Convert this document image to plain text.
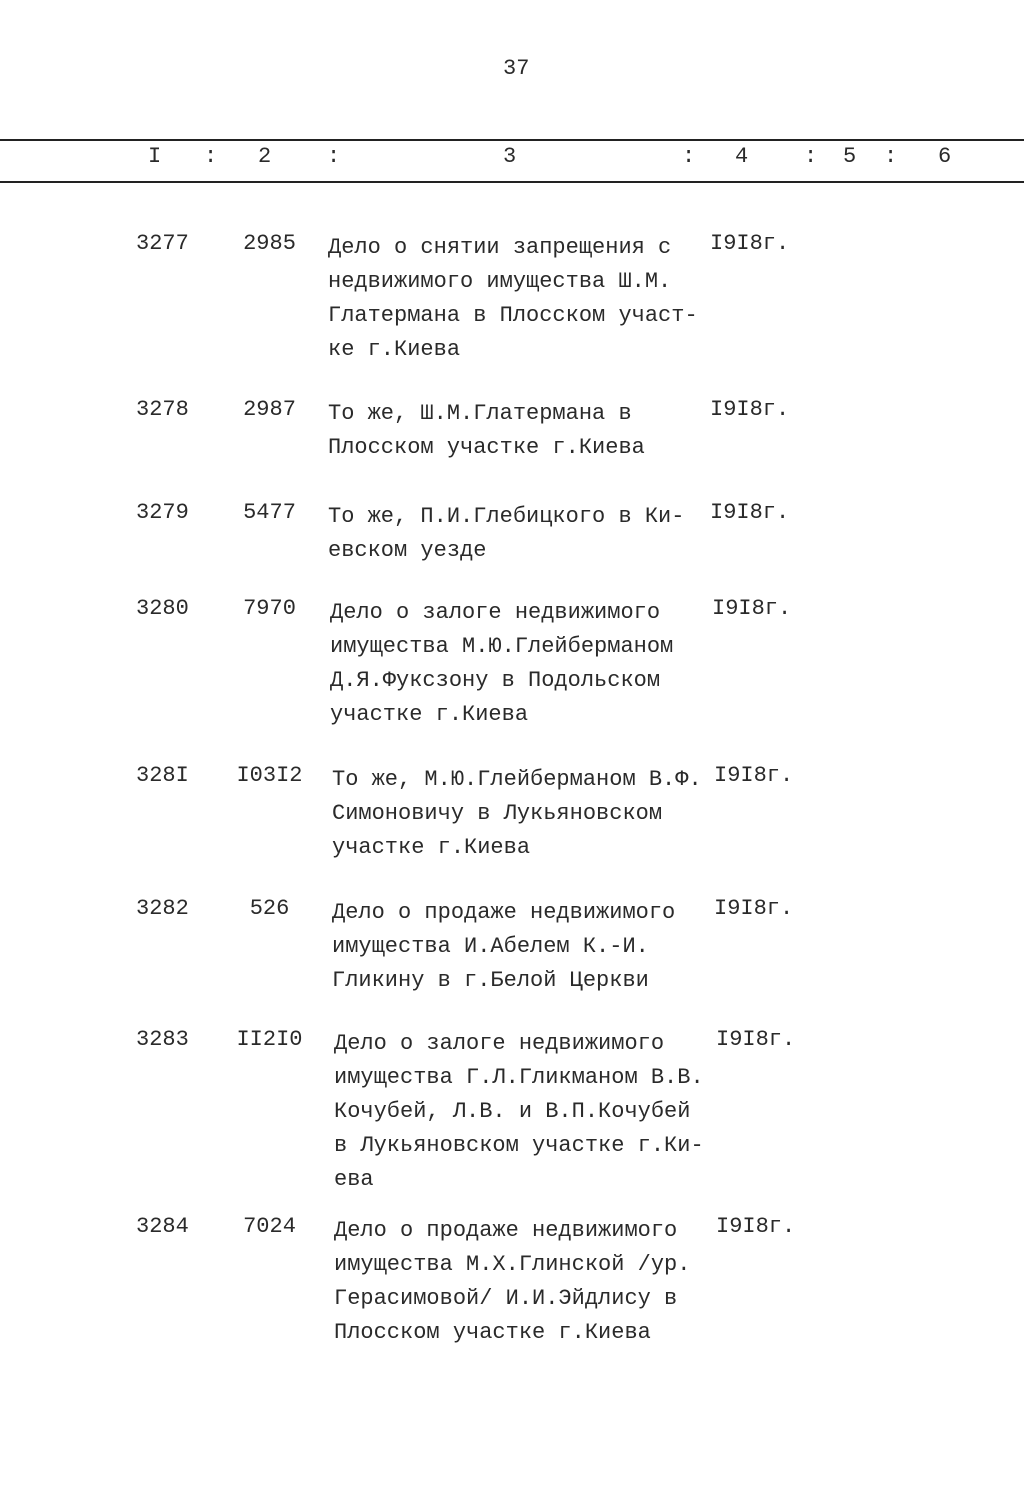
37
I : 2	:	3	: 4	: 5 : 6
3277	2985	Дело о снятии запрещения с
недвижимого имущества Ш.М.
Глатермана в Плосском участ-
ке г.Киева
I9I8г.
3278	2987	То же, Ш.М.Глатермана в
Плосском участке г.Киева
I9I8г.
3279	5477	То же, П.И.Глебицкого в Ки-
евском уезде
I9I8г.
3280	7970	Дело о залоге недвижимого
имущества М.Ю.Глейберманом
Д.Я.Фуксзону в Подольском
участке г.Киева
I9I8г.
328I I03I2 То же, М.Ю.Глейберманом В.Ф.
Симоновичу в Лукьяновском
участке г.Киева
I9I8г.
3282	526	Дело о продаже недвижимого
имущества И.Абелем К.-И.
Гликину в г.Белой Церкви
I9I8г.
3283 II2I0 Дело о залоге недвижимого
имущества Г.Л.Гликманом В.В.
Кочубей, Л.В. и В.П.Кочубей
в Лукьяновском участке г.Ки-
ева
I9I8г.
3284	7024	Дело о продаже недвижимого
имущества М.Х.Глинской /ур.
Герасимовой/ И.И.Эйдлису в
Плосском участке г.Киева
I9I8г.
